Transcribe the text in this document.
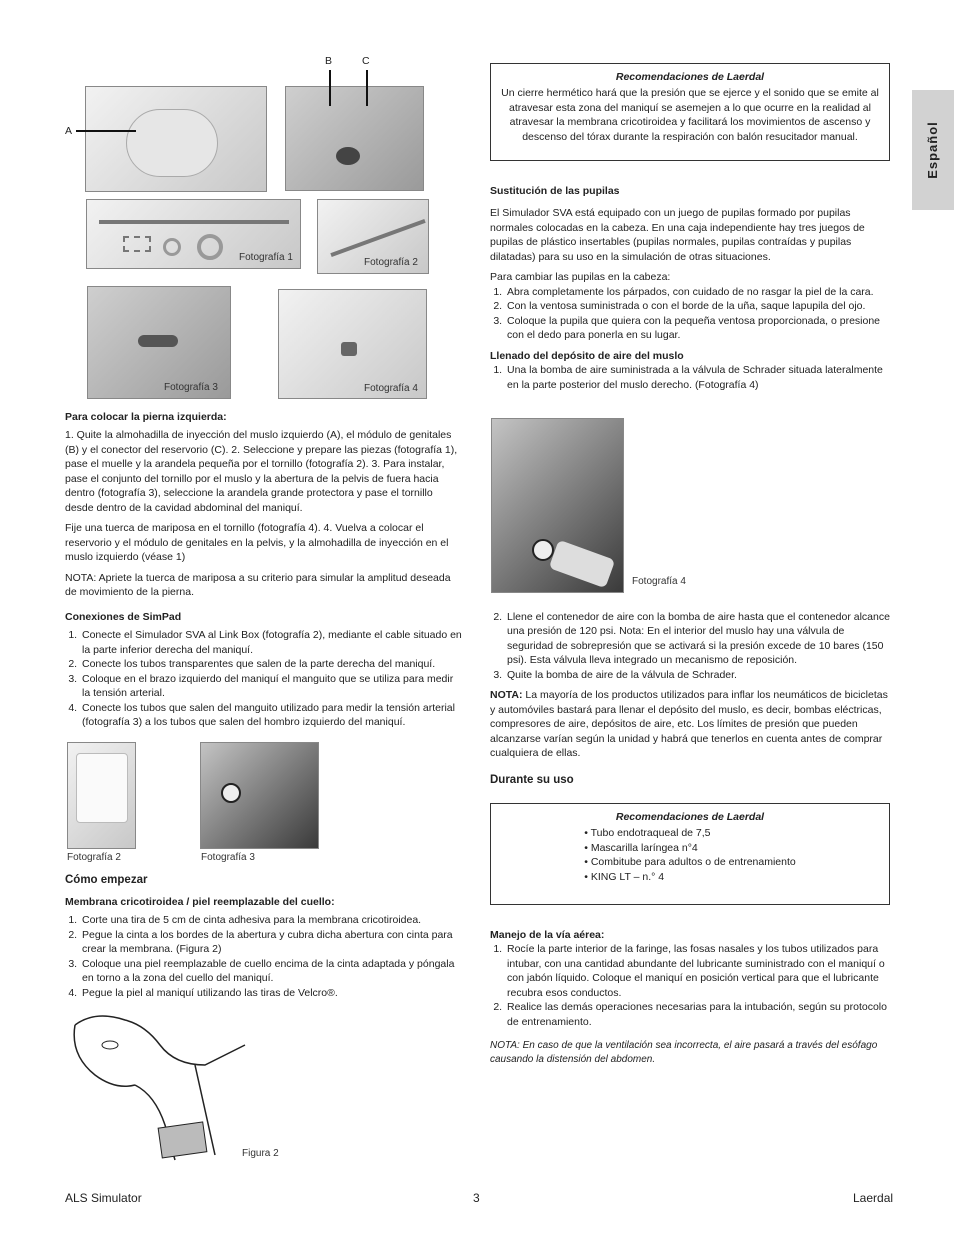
Español
A
B	C
Fotografía 1	Fotografía 2
Fotografía 3	Fotografía 4
Para colocar la pierna izquierda:

1. Quite la almohadilla de inyección del muslo izquierdo (A), el módulo de genitales (B) y el conector del reservorio (C). 2. Seleccione y prepare las piezas (fotografía 1), pase el muelle y la arandela pequeña por el tornillo (fotografía 2). 3. Para instalar, pase el conjunto del tornillo por el muslo y la abertura de la pelvis de fuera hacia dentro (fotografía 3), seleccione la arandela grande protectora y pase el tornillo desde dentro de la cavidad abdominal del maniquí.

Fije una tuerca de mariposa en el tornillo (fotografía 4). 4. Vuelva a colocar el reservorio y el módulo de genitales en la pelvis, y la almohadilla de inyección en el muslo izquierdo (véase 1)

NOTA: Apriete la tuerca de mariposa a su criterio para simular la amplitud deseada de movimiento de la pierna.

Conexiones de SimPad
1. Conecte el Simulador SVA al Link Box (fotografía 2), mediante el cable situado en la parte inferior derecha del maniquí.
2. Conecte los tubos transparentes que salen de la parte derecha del maniquí.
3. Coloque en el brazo izquierdo del maniquí el manguito que se utiliza para medir la tensión arterial.
4. Conecte los tubos que salen del manguito utilizado para medir la tensión arterial (fotografía 3) a los tubos que salen del hombro izquierdo del maniquí.
Fotografía 2	Fotografía 3
Cómo empezar
Membrana cricotiroidea / piel reemplazable del cuello:
1. Corte una tira de 5 cm de cinta adhesiva para la membrana cricotiroidea.
2. Pegue la cinta a los bordes de la abertura y cubra dicha abertura con cinta para crear la membrana. (Figura 2)
3. Coloque una piel reemplazable de cuello encima de la cinta adaptada y póngala en torno a la zona del cuello del maniquí.
4. Pegue la piel al maniquí utilizando las tiras de Velcro®.
Figura 2
Recomendaciones de Laerdal
Un cierre hermético hará que la presión que se ejerce y el sonido que se emite al atravesar esta zona del maniquí se asemejen a lo que ocurre en la realidad al atravesar la membrana cricotiroidea y facilitará los movimientos de ascenso y descenso del tórax durante la respiración con balón resucitador manual.
Sustitución de las pupilas

El Simulador SVA está equipado con un juego de pupilas formado por pupilas normales colocadas en la cabeza. En una caja independiente hay tres juegos de pupilas de plástico insertables (pupilas normales, pupilas contraídas y pupilas dilatadas) para su uso en la simulación de otras situaciones.

Para cambiar las pupilas en la cabeza:

1. Abra completamente los párpados, con cuidado de no rasgar la piel de la cara.
2. Con la ventosa suministrada o con el borde de la uña, saque lapupila del ojo.
3. Coloque la pupila que quiera con la pequeña ventosa proporcionada, o presione con el dedo para ponerla en su lugar.
Llenado del depósito de aire del muslo
1. Una la bomba de aire suministrada a la válvula de Schrader situada lateralmente en la parte posterior del muslo derecho. (Fotografía 4)
Fotografía 4
2. Llene el contenedor de aire con la bomba de aire hasta que el contenedor alcance una presión de 120 psi. Nota: En el interior del muslo hay una válvula de seguridad de sobrepresión que se activará si la presión excede de 10 bares (150 psi). Esta válvula lleva integrado un mecanismo de reposición.
3. Quite la bomba de aire de la válvula de Schrader.

NOTA: La mayoría de los productos utilizados para inflar los neumáticos de bicicletas y automóviles bastará para llenar el depósito del muslo, es decir, bombas eléctricas, compresores de aire, depósitos de aire, etc. Los límites de presión que pueden alcanzarse varían según la unidad y habrá que tenerlos en cuenta antes de comprar cualquiera de ellas.

Durante su uso
Recomendaciones de Laerdal
• Tubo endotraqueal de 7,5
• Mascarilla laríngea n°4
• Combitube para adultos o de entrenamiento
• KING LT – n.° 4
Manejo de la vía aérea:
1. Rocíe la parte interior de la faringe, las fosas nasales y los tubos utilizados para intubar, con una cantidad abundante del lubricante suministrado con el maniquí o con jabón líquido. Coloque el maniquí en posición vertical para que el lubricante recubra esos conductos.
2. Realice las demás operaciones necesarias para la intubación, según su protocolo de entrenamiento.

NOTA: En caso de que la ventilación sea incorrecta, el aire pasará a través del esófago causando la distensión del abdomen.

ALS Simulator	3	Laerdal
